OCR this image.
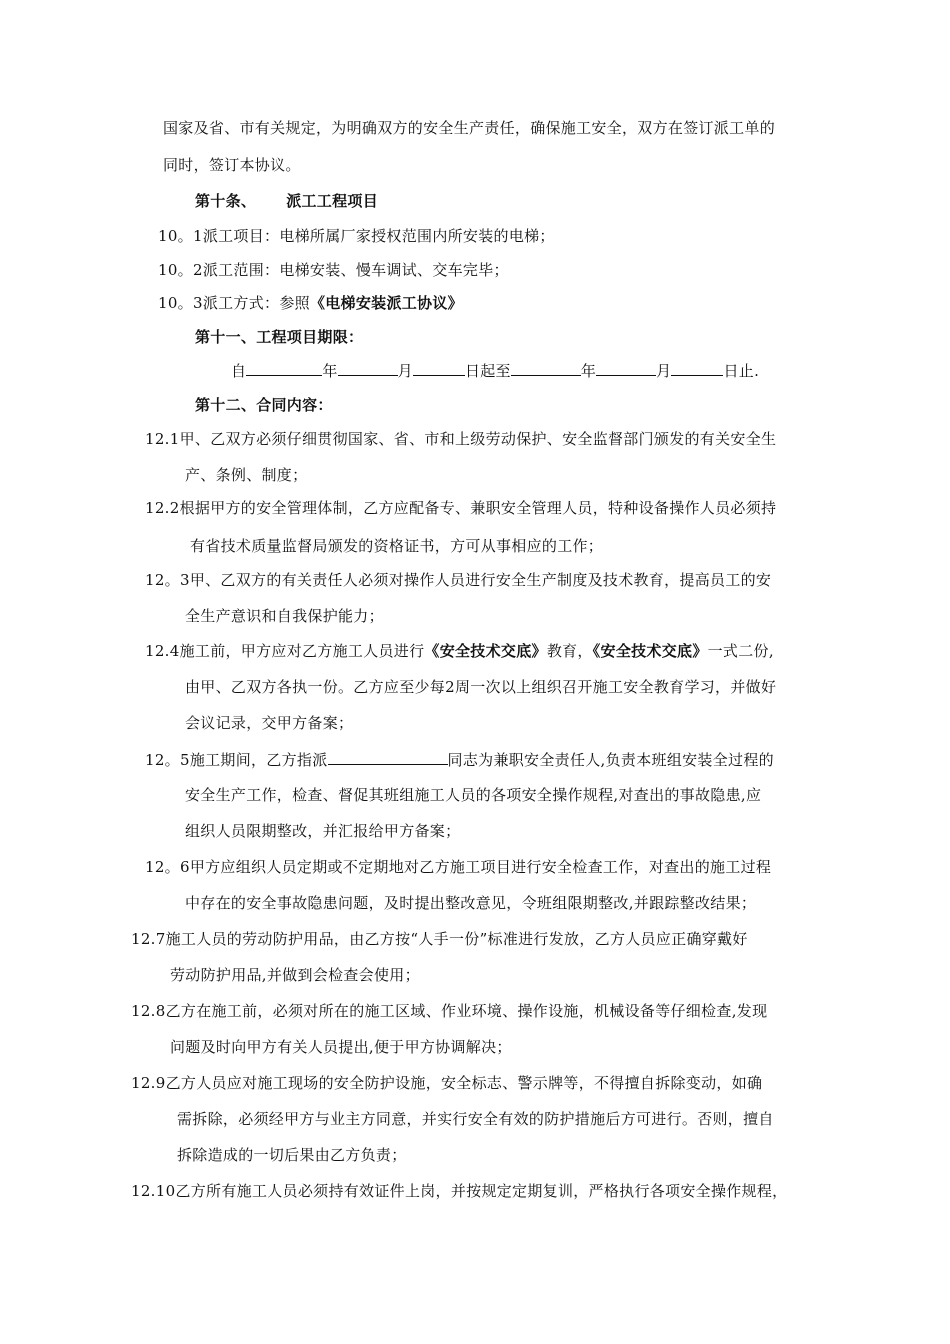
国家及省、市有关规定，为明确双方的安全生产责任，确保施工安全，双方在签订派工单的
同时，签订本协议。
第十条、 派工工程项目
10。1派工项目：电梯所属厂家授权范围内所安装的电梯；
10。2派工范围：电梯安装、慢车调试、交车完毕；
10。3派工方式：参照《电梯安装派工协议》
第十一、工程项目期限：
自	年	月	日起至	年	月	日止.
第十二、合同内容：
12.1甲、乙双方必须仔细贯彻国家、省、市和上级劳动保护、安全监督部门颁发的有关安全生
产、条例、制度；
12.2根据甲方的安全管理体制，乙方应配备专、兼职安全管理人员，特种设备操作人员必须持
有省技术质量监督局颁发的资格证书，方可从事相应的工作；
12。3甲、乙双方的有关责任人必须对操作人员进行安全生产制度及技术教育，提高员工的安
全生产意识和自我保护能力；
12.4施工前，甲方应对乙方施工人员进行《安全技术交底》教育，《安全技术交底》一式二份,
由甲、乙双方各执一份。乙方应至少每2周一次以上组织召开施工安全教育学习，并做好
会议记录，交甲方备案；
12。5施工期间，乙方指派	同志为兼职安全责任人,负责本班组安装全过程的
安全生产工作，检查、督促其班组施工人员的各项安全操作规程,对查出的事故隐患,应
组织人员限期整改，并汇报给甲方备案；
12。6甲方应组织人员定期或不定期地对乙方施工项目进行安全检查工作，对查出的施工过程
中存在的安全事故隐患问题，及时提出整改意见，令班组限期整改,并跟踪整改结果；
12.7施工人员的劳动防护用品，由乙方按“人手一份”标准进行发放，乙方人员应正确穿戴好
劳动防护用品,并做到会检查会使用；
12.8乙方在施工前，必须对所在的施工区域、作业环境、操作设施，机械设备等仔细检查,发现
问题及时向甲方有关人员提出,便于甲方协调解决；
12.9乙方人员应对施工现场的安全防护设施，安全标志、警示牌等，不得擅自拆除变动，如确
需拆除，必须经甲方与业主方同意，并实行安全有效的防护措施后方可进行。否则，擅自
拆除造成的一切后果由乙方负责；
12.10乙方所有施工人员必须持有效证件上岗，并按规定定期复训，严格执行各项安全操作规程，
